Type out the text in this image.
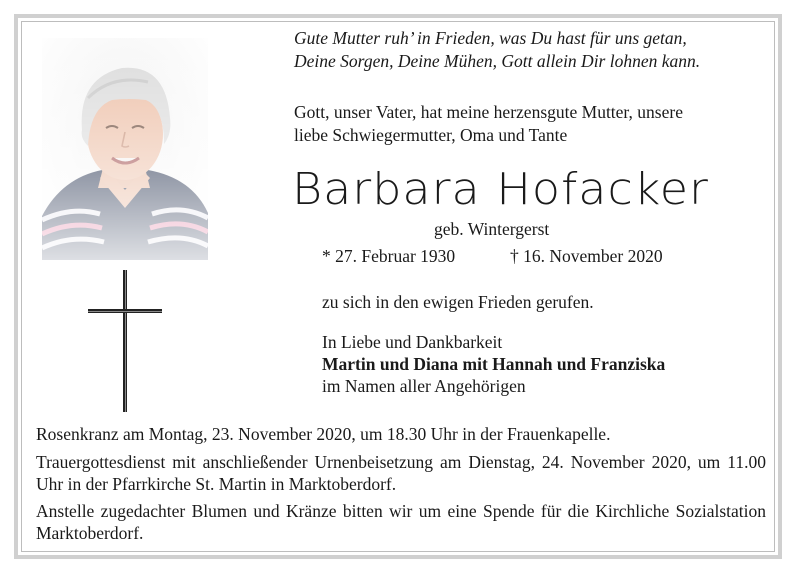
Gute Mutter ruh’ in Frieden, was Du hast für uns getan,
Deine Sorgen, Deine Mühen, Gott allein Dir lohnen kann.
Gott, unser Vater, hat meine herzensgute Mutter, unsere
liebe Schwiegermutter, Oma und Tante
Barbara Hofacker
geb. Wintergerst
* 27. Februar 1930	† 16. November 2020
zu sich in den ewigen Frieden gerufen.
In Liebe und Dankbarkeit
Martin und Diana mit Hannah und Franziska
im Namen aller Angehörigen
Rosenkranz am Montag, 23. November 2020, um 18.30 Uhr in der Frauenkapelle.
Trauergottesdienst mit anschließender Urnenbeisetzung am Dienstag, 24. November 2020, um 11.00 Uhr in der Pfarrkirche St. Martin in Marktoberdorf.
Anstelle zugedachter Blumen und Kränze bitten wir um eine Spende für die Kirchliche Sozialstation Marktoberdorf.
